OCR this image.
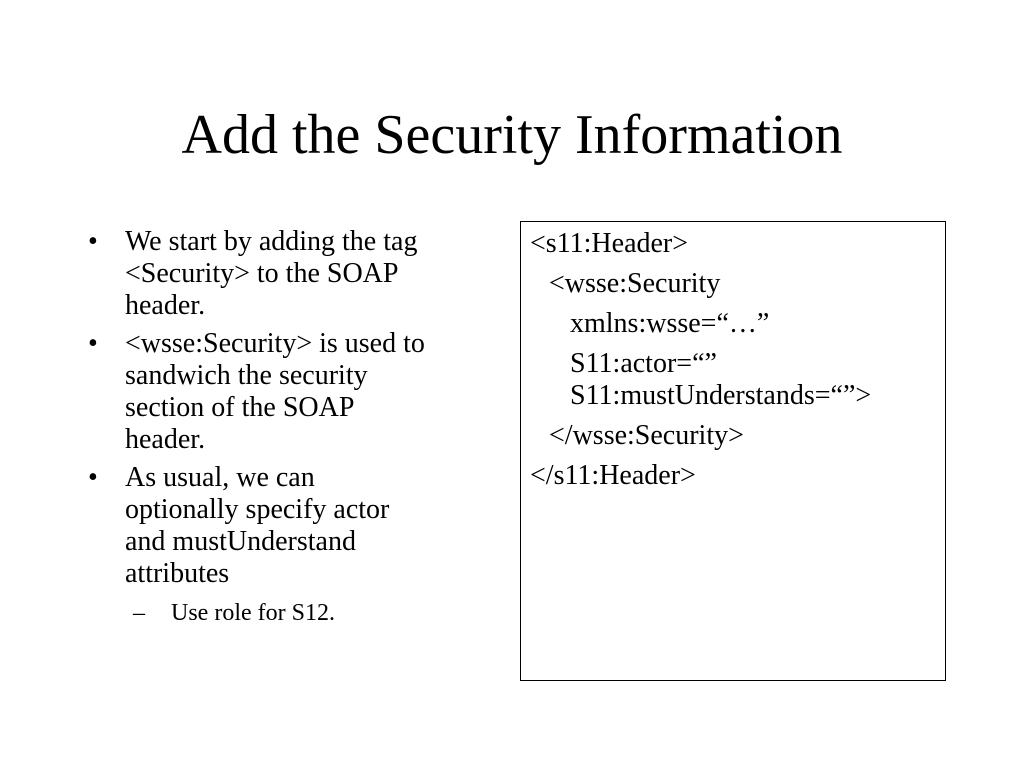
Add the Security Information
• We start by adding the tag
<Security> to the SOAP
header.
• <wsse:Security> is used to
sandwich the security
section of the SOAP
header.
• As usual, we can
optionally specify actor
and mustUnderstand
attributes
– Use role for S12.
<s11:Header>
<wsse:Security
xmlns:wsse=“…”
S11:actor=“”
S11:mustUnderstands=“”>
</wsse:Security>
</s11:Header>
